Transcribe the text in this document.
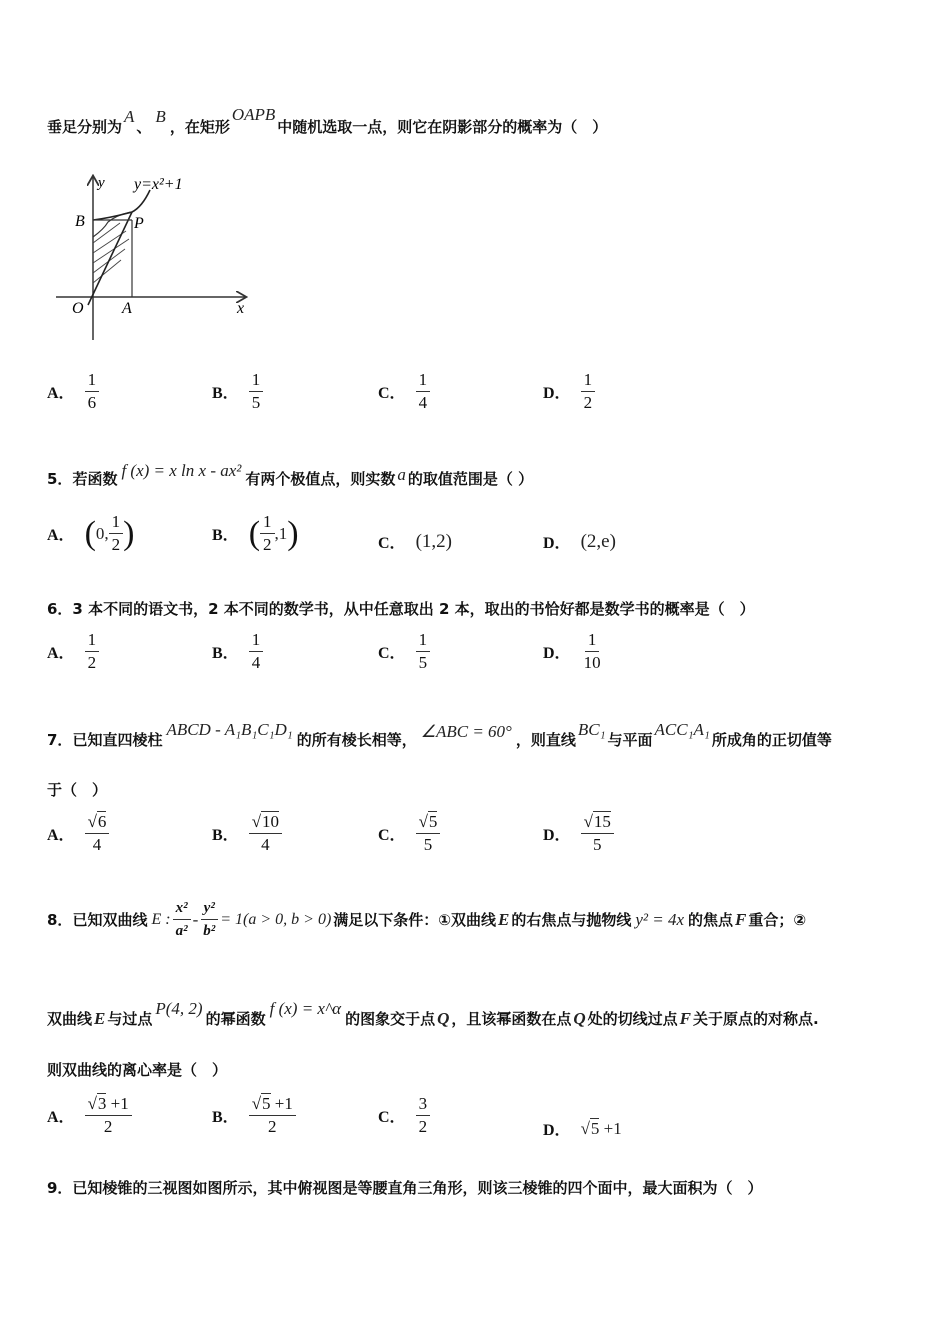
垂足分别为A、B，在矩形OAPB中随机选取一点，则它在阴影部分的概率为（　）
y=x²+1
y
x
B	P
O A
A． $\frac{1}{6}$	B． $\frac{1}{5}$	C． $\frac{1}{4}$	D． $\frac{1}{2}$
5．若函数 f (x) = x ln x - ax² 有两个极值点，则实数 a 的取值范围是（ ）
A． ( 0, $\frac{1}{2}$ )	B． ( $\frac{1}{2} ,1$ )	C． (1,2)	D． (2,e)
6．3 本不同的语文书，2 本不同的数学书，从中任意取出 2 本，取出的书恰好都是数学书的概率是（　）
A． $\frac{1}{2}$	B． $\frac{1}{4}$	C． $\frac{1}{5}$	D． $\frac{1}{10}$
7．已知直四棱柱ABCD - A₁B₁C₁D₁的所有棱长相等， ∠ABC = 60° ，则直线BC₁与平面ACC₁A₁所成角的正切值等
于（　）
A． $\frac{√6}{4}$	B． $\frac{√10}{4}$	C． $\frac{√5}{5}$	D． $\frac{√15}{5}$
8． 已知双曲线 E : $\frac{\text{x²}}{\text{a²}} - \frac{\text{y²}}{\text{b²}} = 1(a > 0$, b > 0) 满足以下条件：①双曲线 E 的右焦点与抛物线 y² = 4x 的焦点 F 重合；②
双曲线 E 与过点P(4, 2)的幂函数f (x) = x^α的图象交于点 Q ，且该幂函数在点 Q 处的切线过点 F 关于原点的对称点.
则双曲线的离心率是（　）
A． $\frac{√3 +1}{2}$	B． $\frac{√5 +1}{2}$	C． $\frac{3}{2}$	D． √5 +1
9．已知棱锥的三视图如图所示，其中俯视图是等腰直角三角形，则该三棱锥的四个面中，最大面积为（　）
